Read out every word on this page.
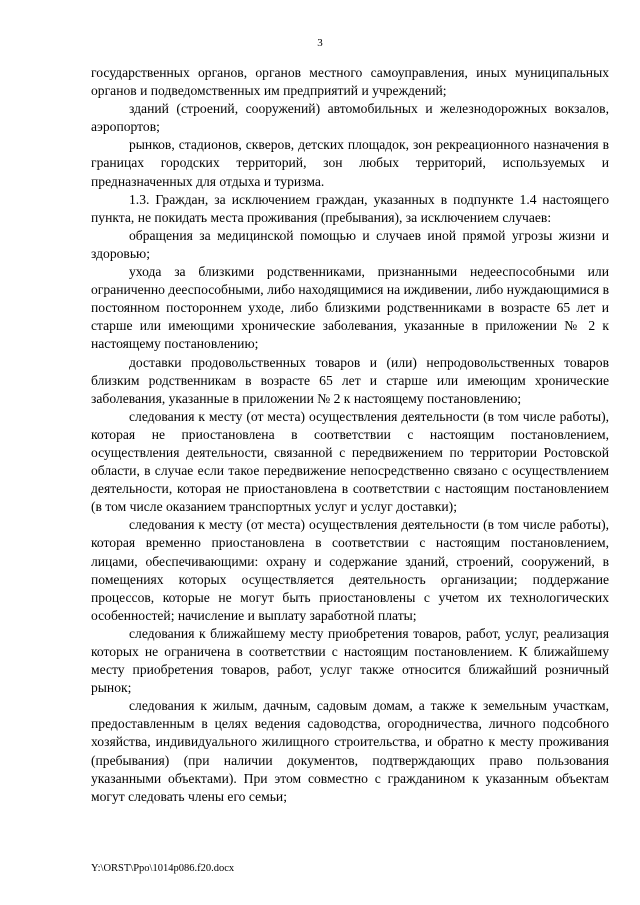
3

государственных органов, органов местного самоуправления, иных муниципальных органов и подведомственных им предприятий и учреждений;

зданий (строений, сооружений) автомобильных и железнодорожных вокзалов, аэропортов;

рынков, стадионов, скверов, детских площадок, зон рекреационного назначения в границах городских территорий, зон любых территорий, используемых и предназначенных для отдыха и туризма.

1.3. Граждан, за исключением граждан, указанных в подпункте 1.4 настоящего пункта, не покидать места проживания (пребывания), за исключением случаев:

обращения за медицинской помощью и случаев иной прямой угрозы жизни и здоровью;

ухода за близкими родственниками, признанными недееспособными или ограниченно дееспособными, либо находящимися на иждивении, либо нуждающимися в постоянном постороннем уходе, либо близкими родственниками в возрасте 65 лет и старше или имеющими хронические заболевания, указанные в приложении № 2 к настоящему постановлению;

доставки продовольственных товаров и (или) непродовольственных товаров близким родственникам в возрасте 65 лет и старше или имеющим хронические заболевания, указанные в приложении № 2 к настоящему постановлению;

следования к месту (от места) осуществления деятельности (в том числе работы), которая не приостановлена в соответствии с настоящим постановлением, осуществления деятельности, связанной с передвижением по территории Ростовской области, в случае если такое передвижение непосредственно связано с осуществлением деятельности, которая не приостановлена в соответствии с настоящим постановлением (в том числе оказанием транспортных услуг и услуг доставки);

следования к месту (от места) осуществления деятельности (в том числе работы), которая временно приостановлена в соответствии с настоящим постановлением, лицами, обеспечивающими: охрану и содержание зданий, строений, сооружений, в помещениях которых осуществляется деятельность организации; поддержание процессов, которые не могут быть приостановлены с учетом их технологических особенностей; начисление и выплату заработной платы;

следования к ближайшему месту приобретения товаров, работ, услуг, реализация которых не ограничена в соответствии с настоящим постановлением. К ближайшему месту приобретения товаров, работ, услуг также относится ближайший розничный рынок;

следования к жилым, дачным, садовым домам, а также к земельным участкам, предоставленным в целях ведения садоводства, огородничества, личного подсобного хозяйства, индивидуального жилищного строительства, и обратно к месту проживания (пребывания) (при наличии документов, подтверждающих право пользования указанными объектами). При этом совместно с гражданином к указанным объектам могут следовать члены его семьи;

Y:\ORST\Ppo\1014p086.f20.docx
